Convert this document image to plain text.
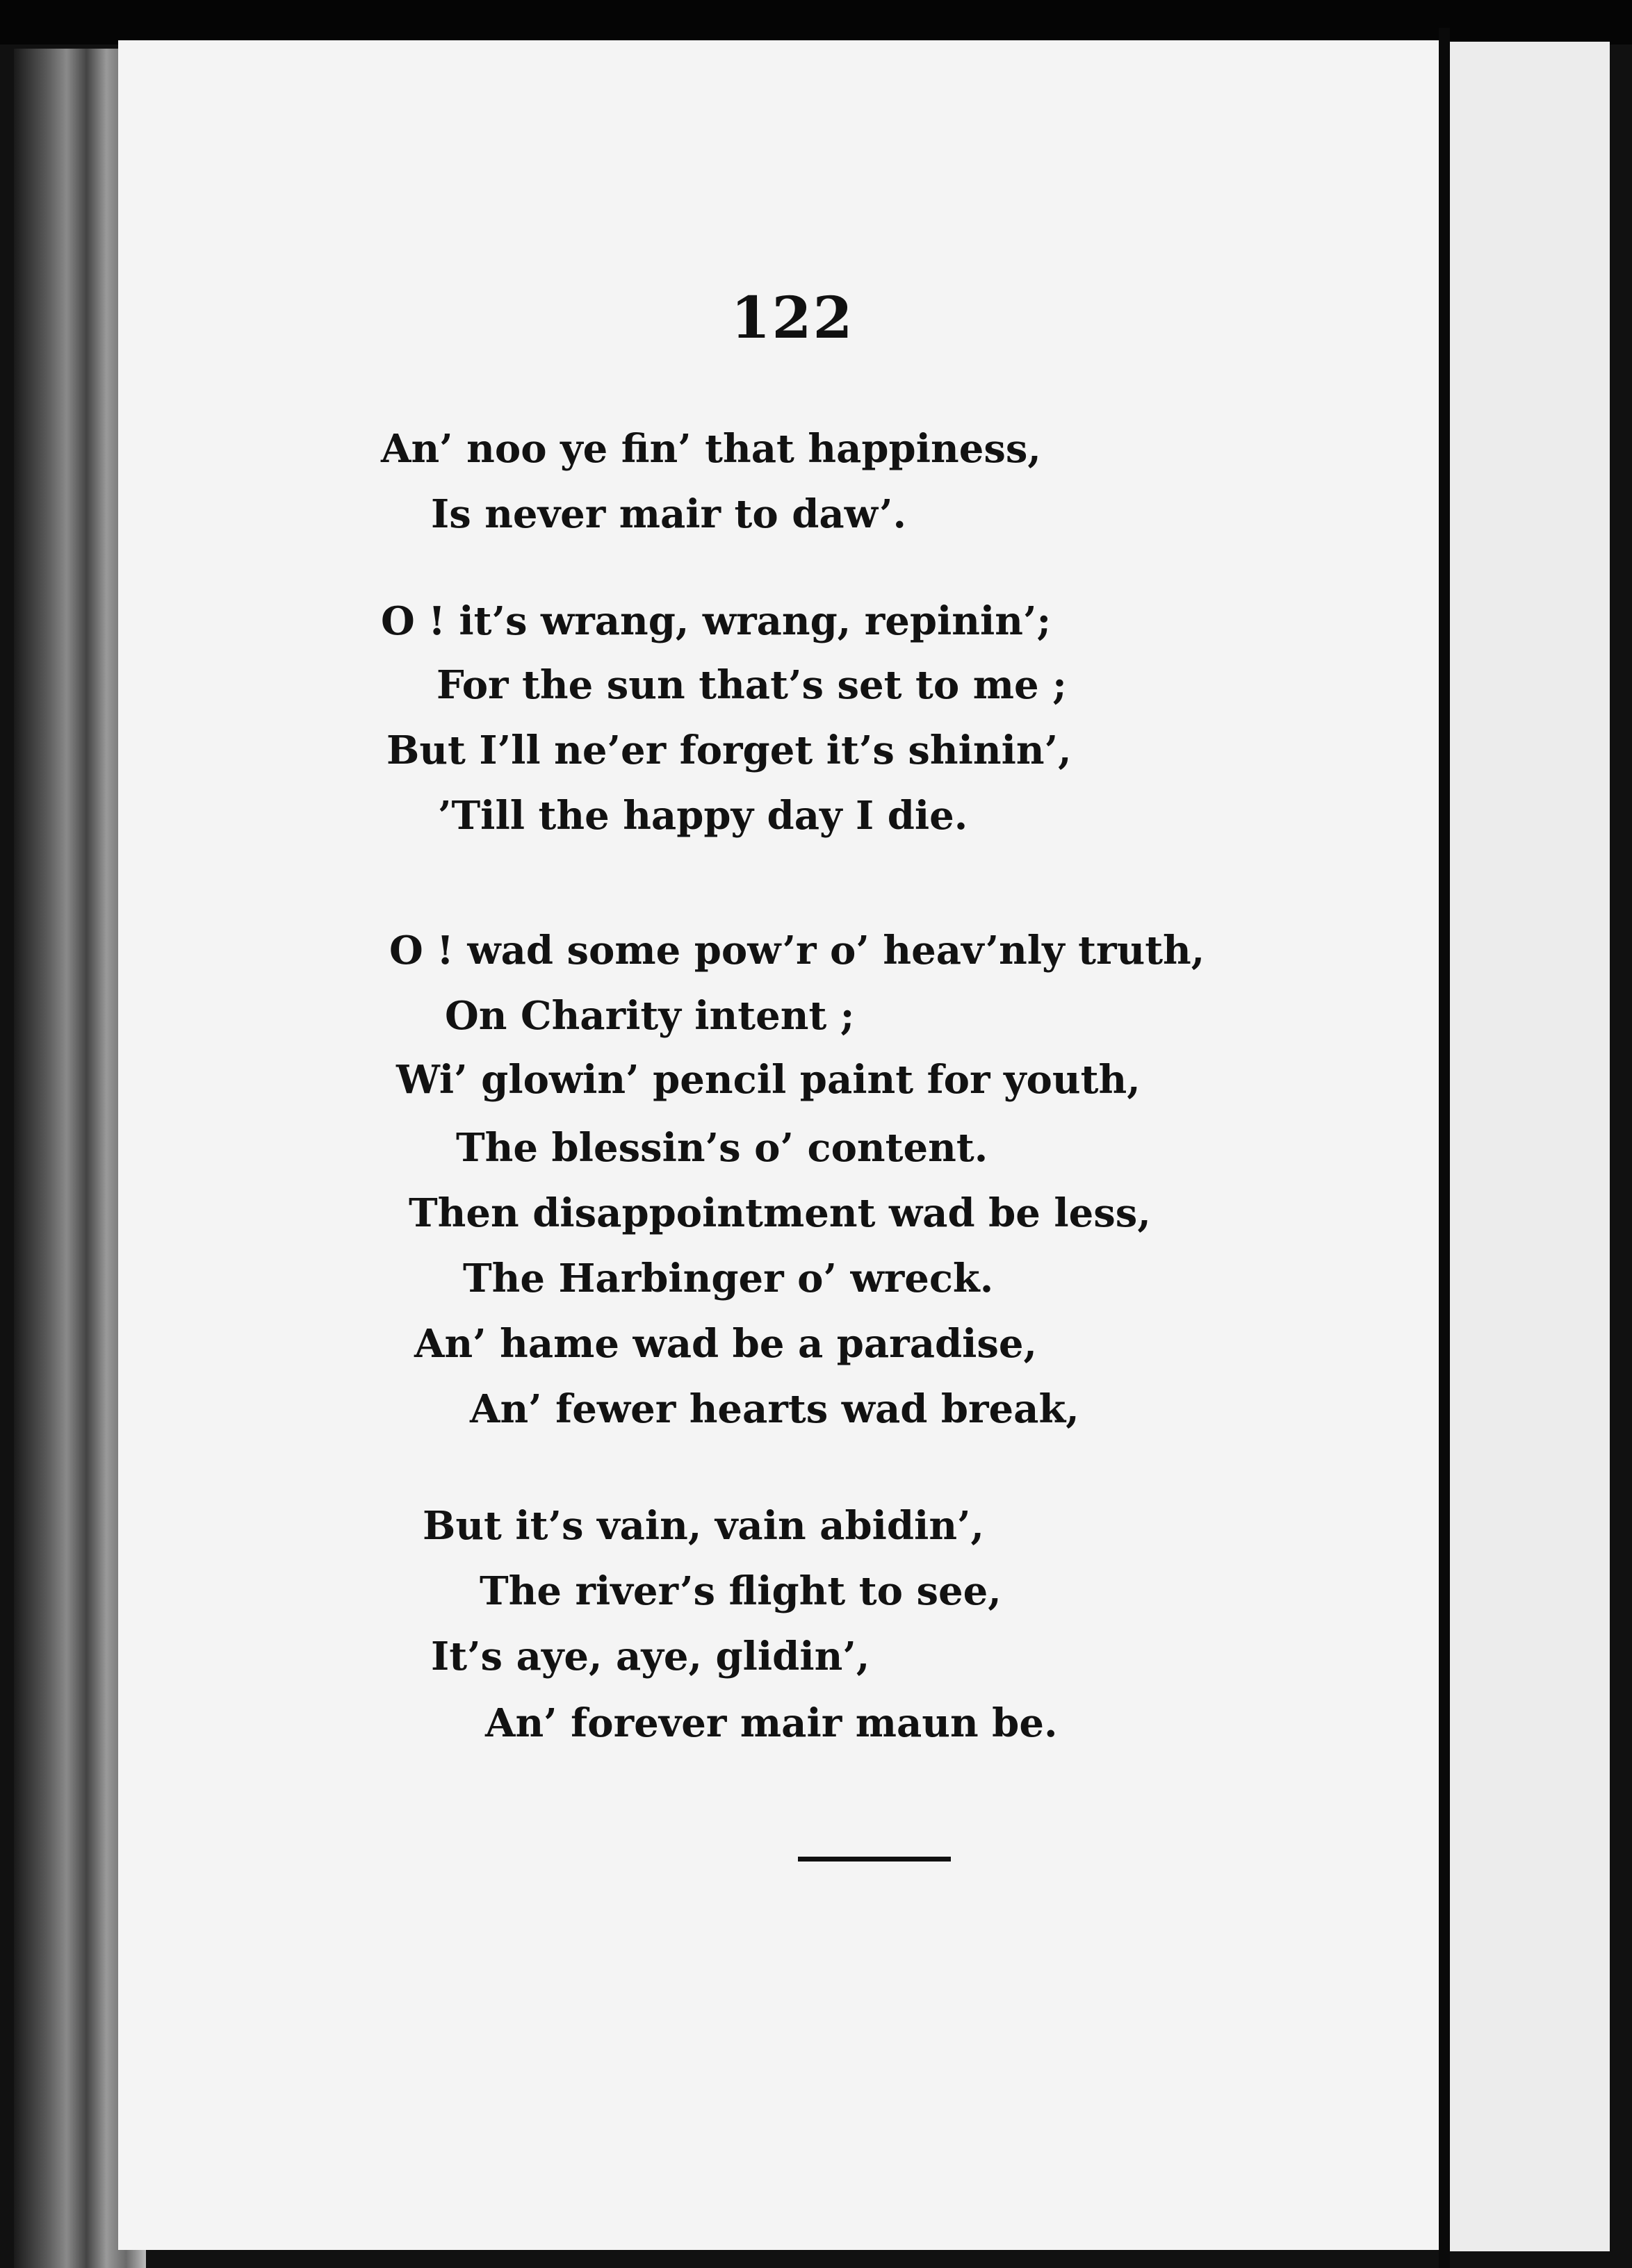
122
An’ noo ye fin’ that happiness,
Is never mair to daw’.
O ! it’s wrang, wrang, repinin’;
For the sun that’s set to me ;
But I’ll ne’er forget it’s shinin’,
’Till the happy day I die.
O ! wad some pow’r o’ heav’nly truth,
On Charity intent ;
Wi’ glowin’ pencil paint for youth,
The blessin’s o’ content.
Then disappointment wad be less,
The Harbinger o’ wreck.
An’ hame wad be a paradise,
An’ fewer hearts wad break,
But it’s vain, vain abidin’,
The river’s flight to see,
It’s aye, aye, glidin’,
An’ forever mair maun be.
